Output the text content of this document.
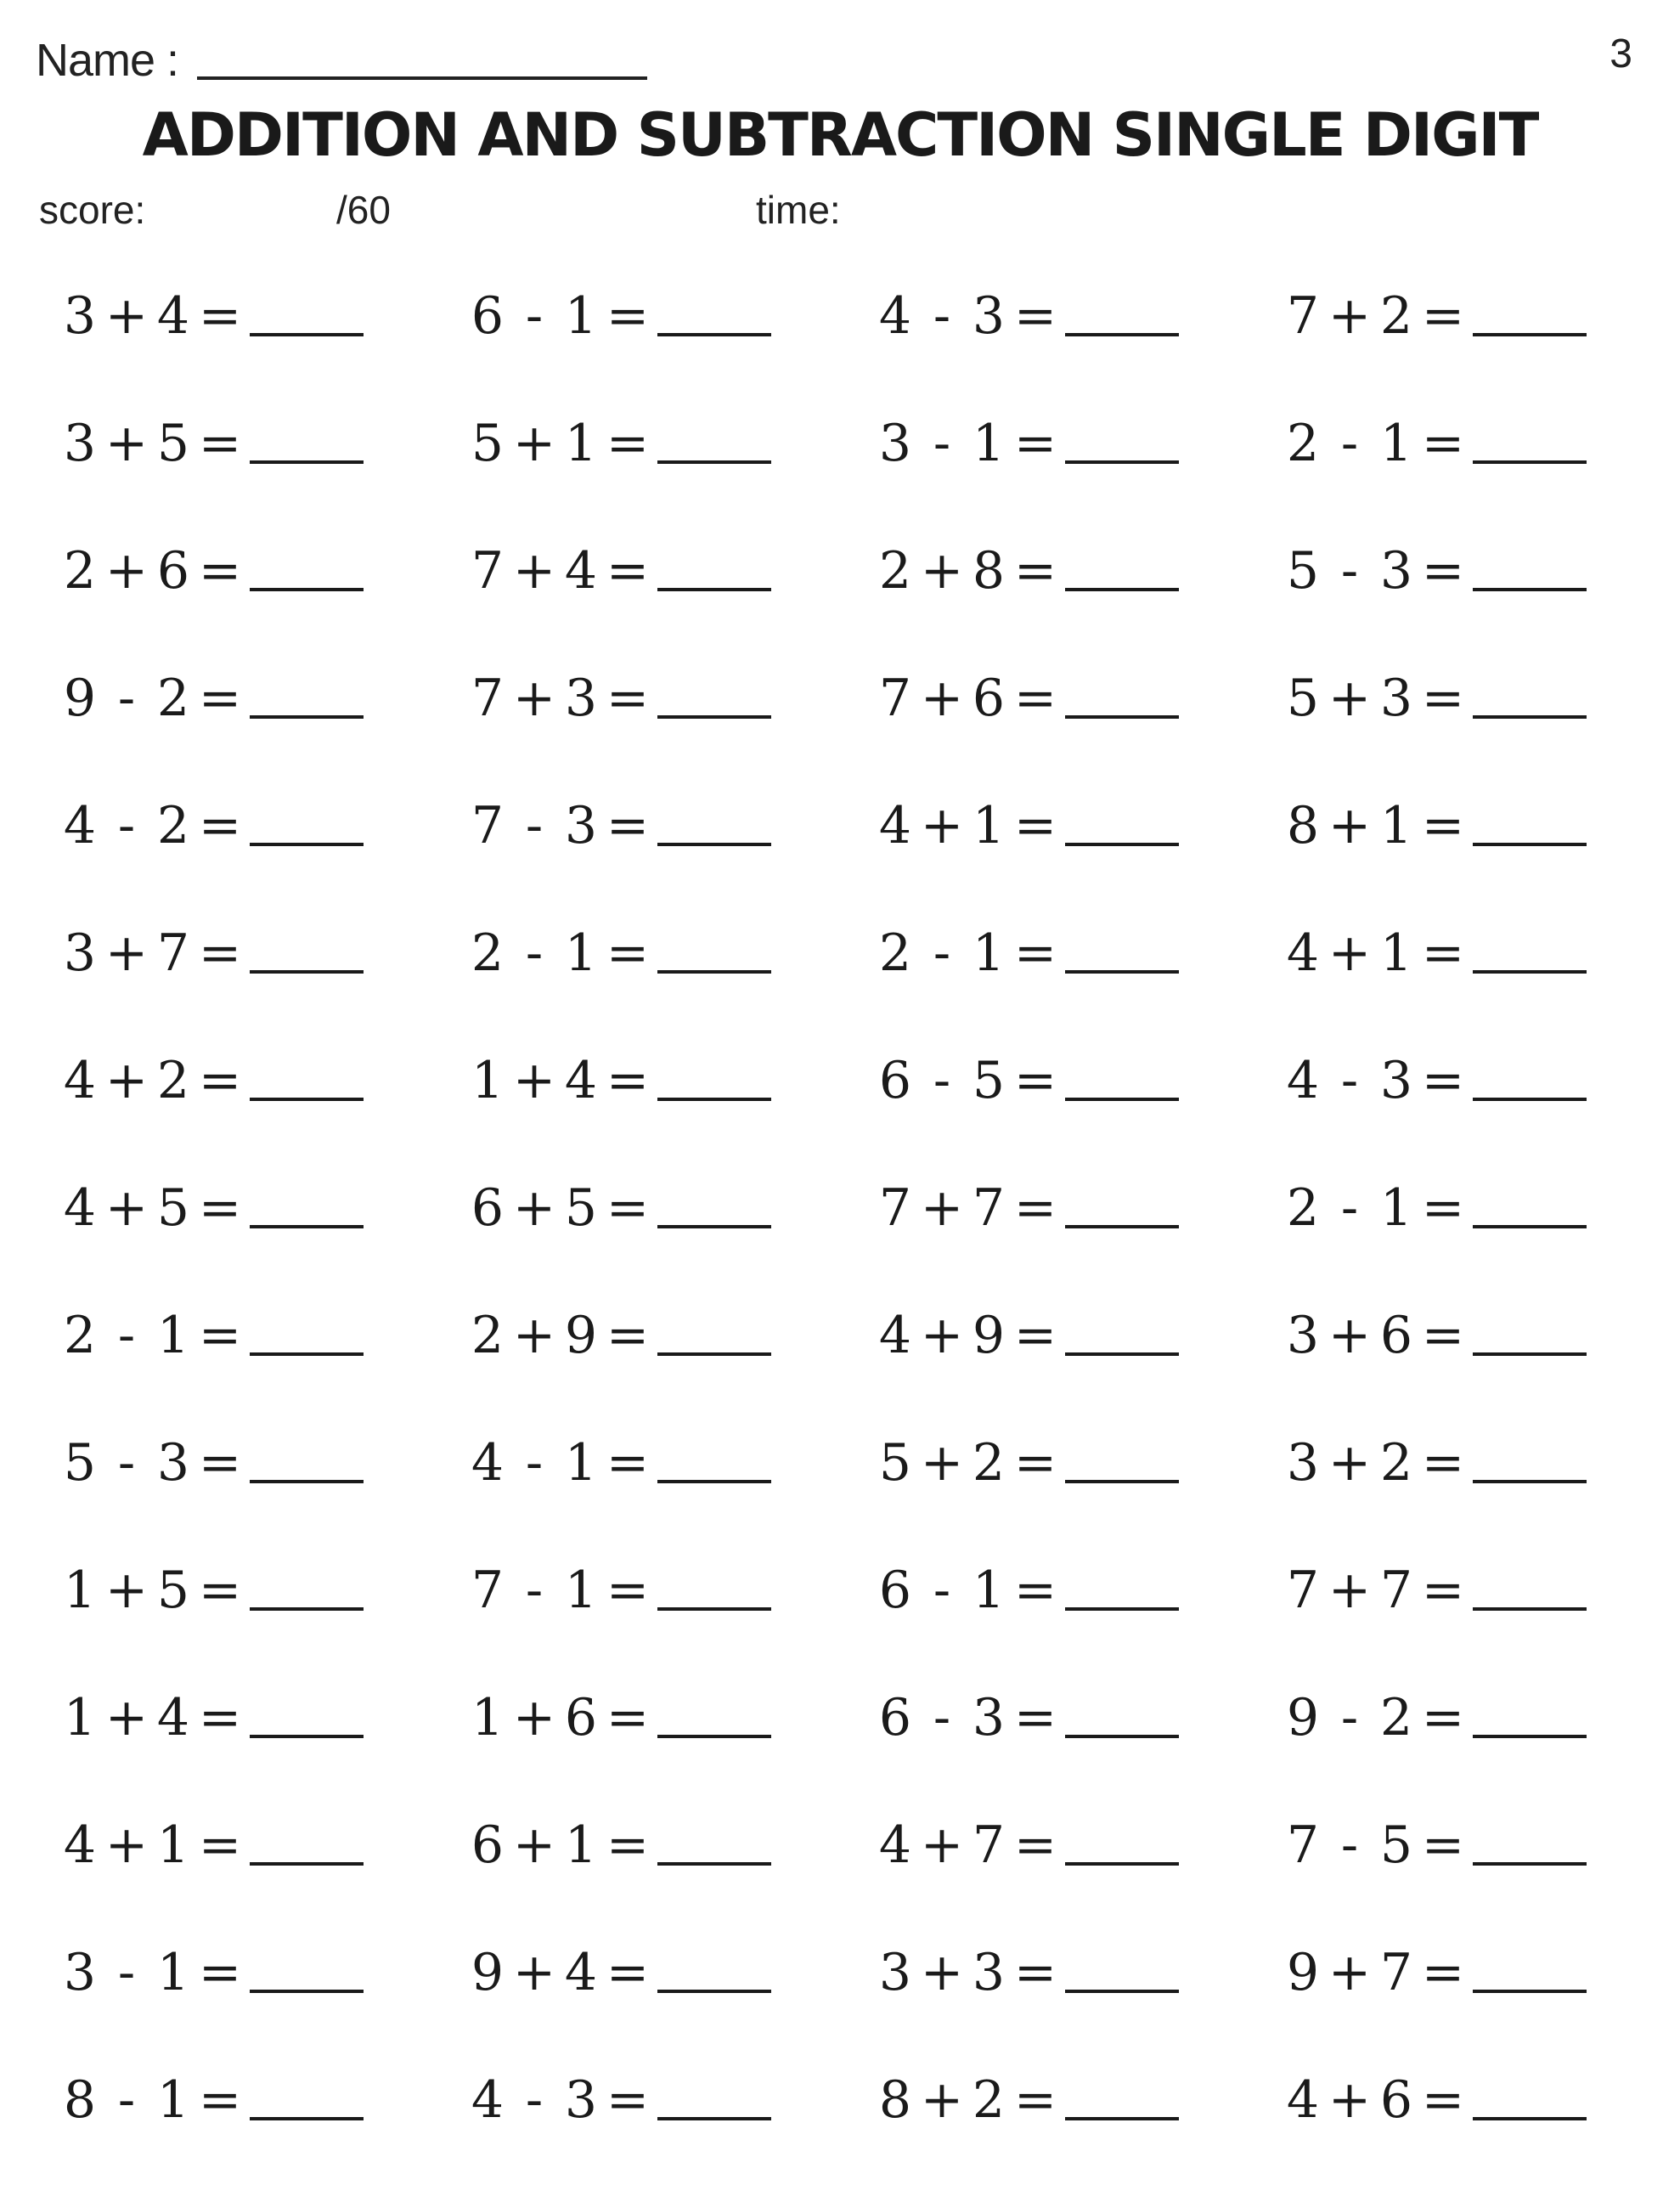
Name :	3
ADDITION AND SUBTRACTION SINGLE DIGIT
score:	/60	time:
3 + 4 =	6 - 1 =	4 - 3 =	7 + 2 =
3 + 5 =	5 + 1 =	3 - 1 =	2 - 1 =
2 + 6 =	7 + 4 =	2 + 8 =	5 - 3 =
9 - 2 =	7 + 3 =	7 + 6 =	5 + 3 =
4 - 2 =	7 - 3 =	4 + 1 =	8 + 1 =
3 + 7 =	2 - 1 =	2 - 1 =	4 + 1 =
4 + 2 =	1 + 4 =	6 - 5 =	4 - 3 =
4 + 5 =	6 + 5 =	7 + 7 =	2 - 1 =
2 - 1 =	2 + 9 =	4 + 9 =	3 + 6 =
5 - 3 =	4 - 1 =	5 + 2 =	3 + 2 =
1 + 5 =	7 - 1 =	6 - 1 =	7 + 7 =
1 + 4 =	1 + 6 =	6 - 3 =	9 - 2 =
4 + 1 =	6 + 1 =	4 + 7 =	7 - 5 =
3 - 1 =	9 + 4 =	3 + 3 =	9 + 7 =
8 - 1 =	4 - 3 =	8 + 2 =	4 + 6 =
